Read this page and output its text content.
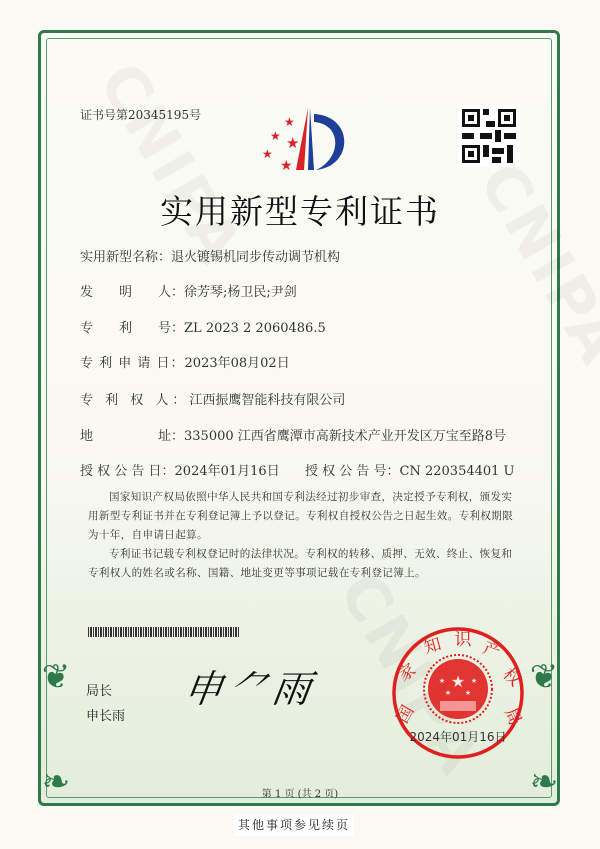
❦	❦
❧	❧
证书号第20345195号	★
★ ★
★
★
实用新型专利证书
实用新型名称：退火镀锡机同步传动调节机构
发　　明　　人：徐芳琴;杨卫民;尹剑
专　　利　　号：ZL 2023 2 2060486.5
专 利 申 请 日：2023年08月02日
专 利 权 人：江西振鹰智能科技有限公司
地　　　　　址：335000 江西省鹰潭市高新技术产业开发区万宝至路8号
授 权 公 告 日：2024年01月16日 授 权 公 告 号：CN 220354401 U
国家知识产权局依照中华人民共和国专利法经过初步审查，决定授予专利权，颁发实用新型专利证书并在专利登记簿上予以登记。专利权自授权公告之日起生效。专利权期限为十年，自申请日起算。
专利证书记载专利权登记时的法律状况。专利权的转移、质押、无效、终止、恢复和专利权人的姓名或名称、国籍、地址变更等事项记载在专利登记簿上。
局长
申长雨
申⺈雨	★
★	★
★ ★
国
家
知 识 产
权
局
2024年01月16日
第 1 页 (共 2 页)
其他事项参见续页
